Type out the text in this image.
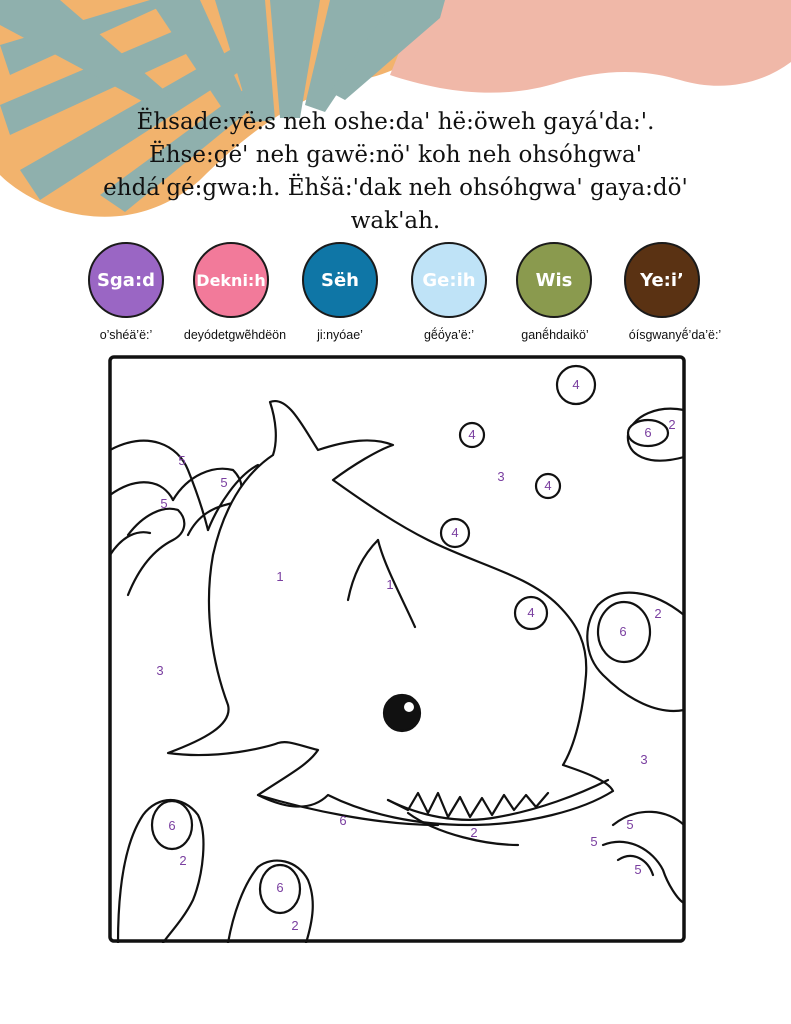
Ëhsade:yë:s neh oshe:da' hë:öweh gayá'da:'.
Ëhse:gë' neh gawë:nö' koh neh ohsóhgwa'
ehdá'gé:gwa:h. Ëhšä:'dak neh ohsóhgwa' gaya:dö'
wak'ah.
Sga:d
o’shéä’ë:’
Dekni:h
deyódetgwẽhdëön
Sëh
ji:nyóae’
Ge:ih
gẽ́ö́ya’ë:’
Wis
ganẽ́hdaikö’
Ye:i’
óísgwanyẽ́’da’ë:’
1
1
2
2
2
2
2
3
3
3
4
4
4
4
4
5
5
5
5
5
5
6
6
6
6
6
